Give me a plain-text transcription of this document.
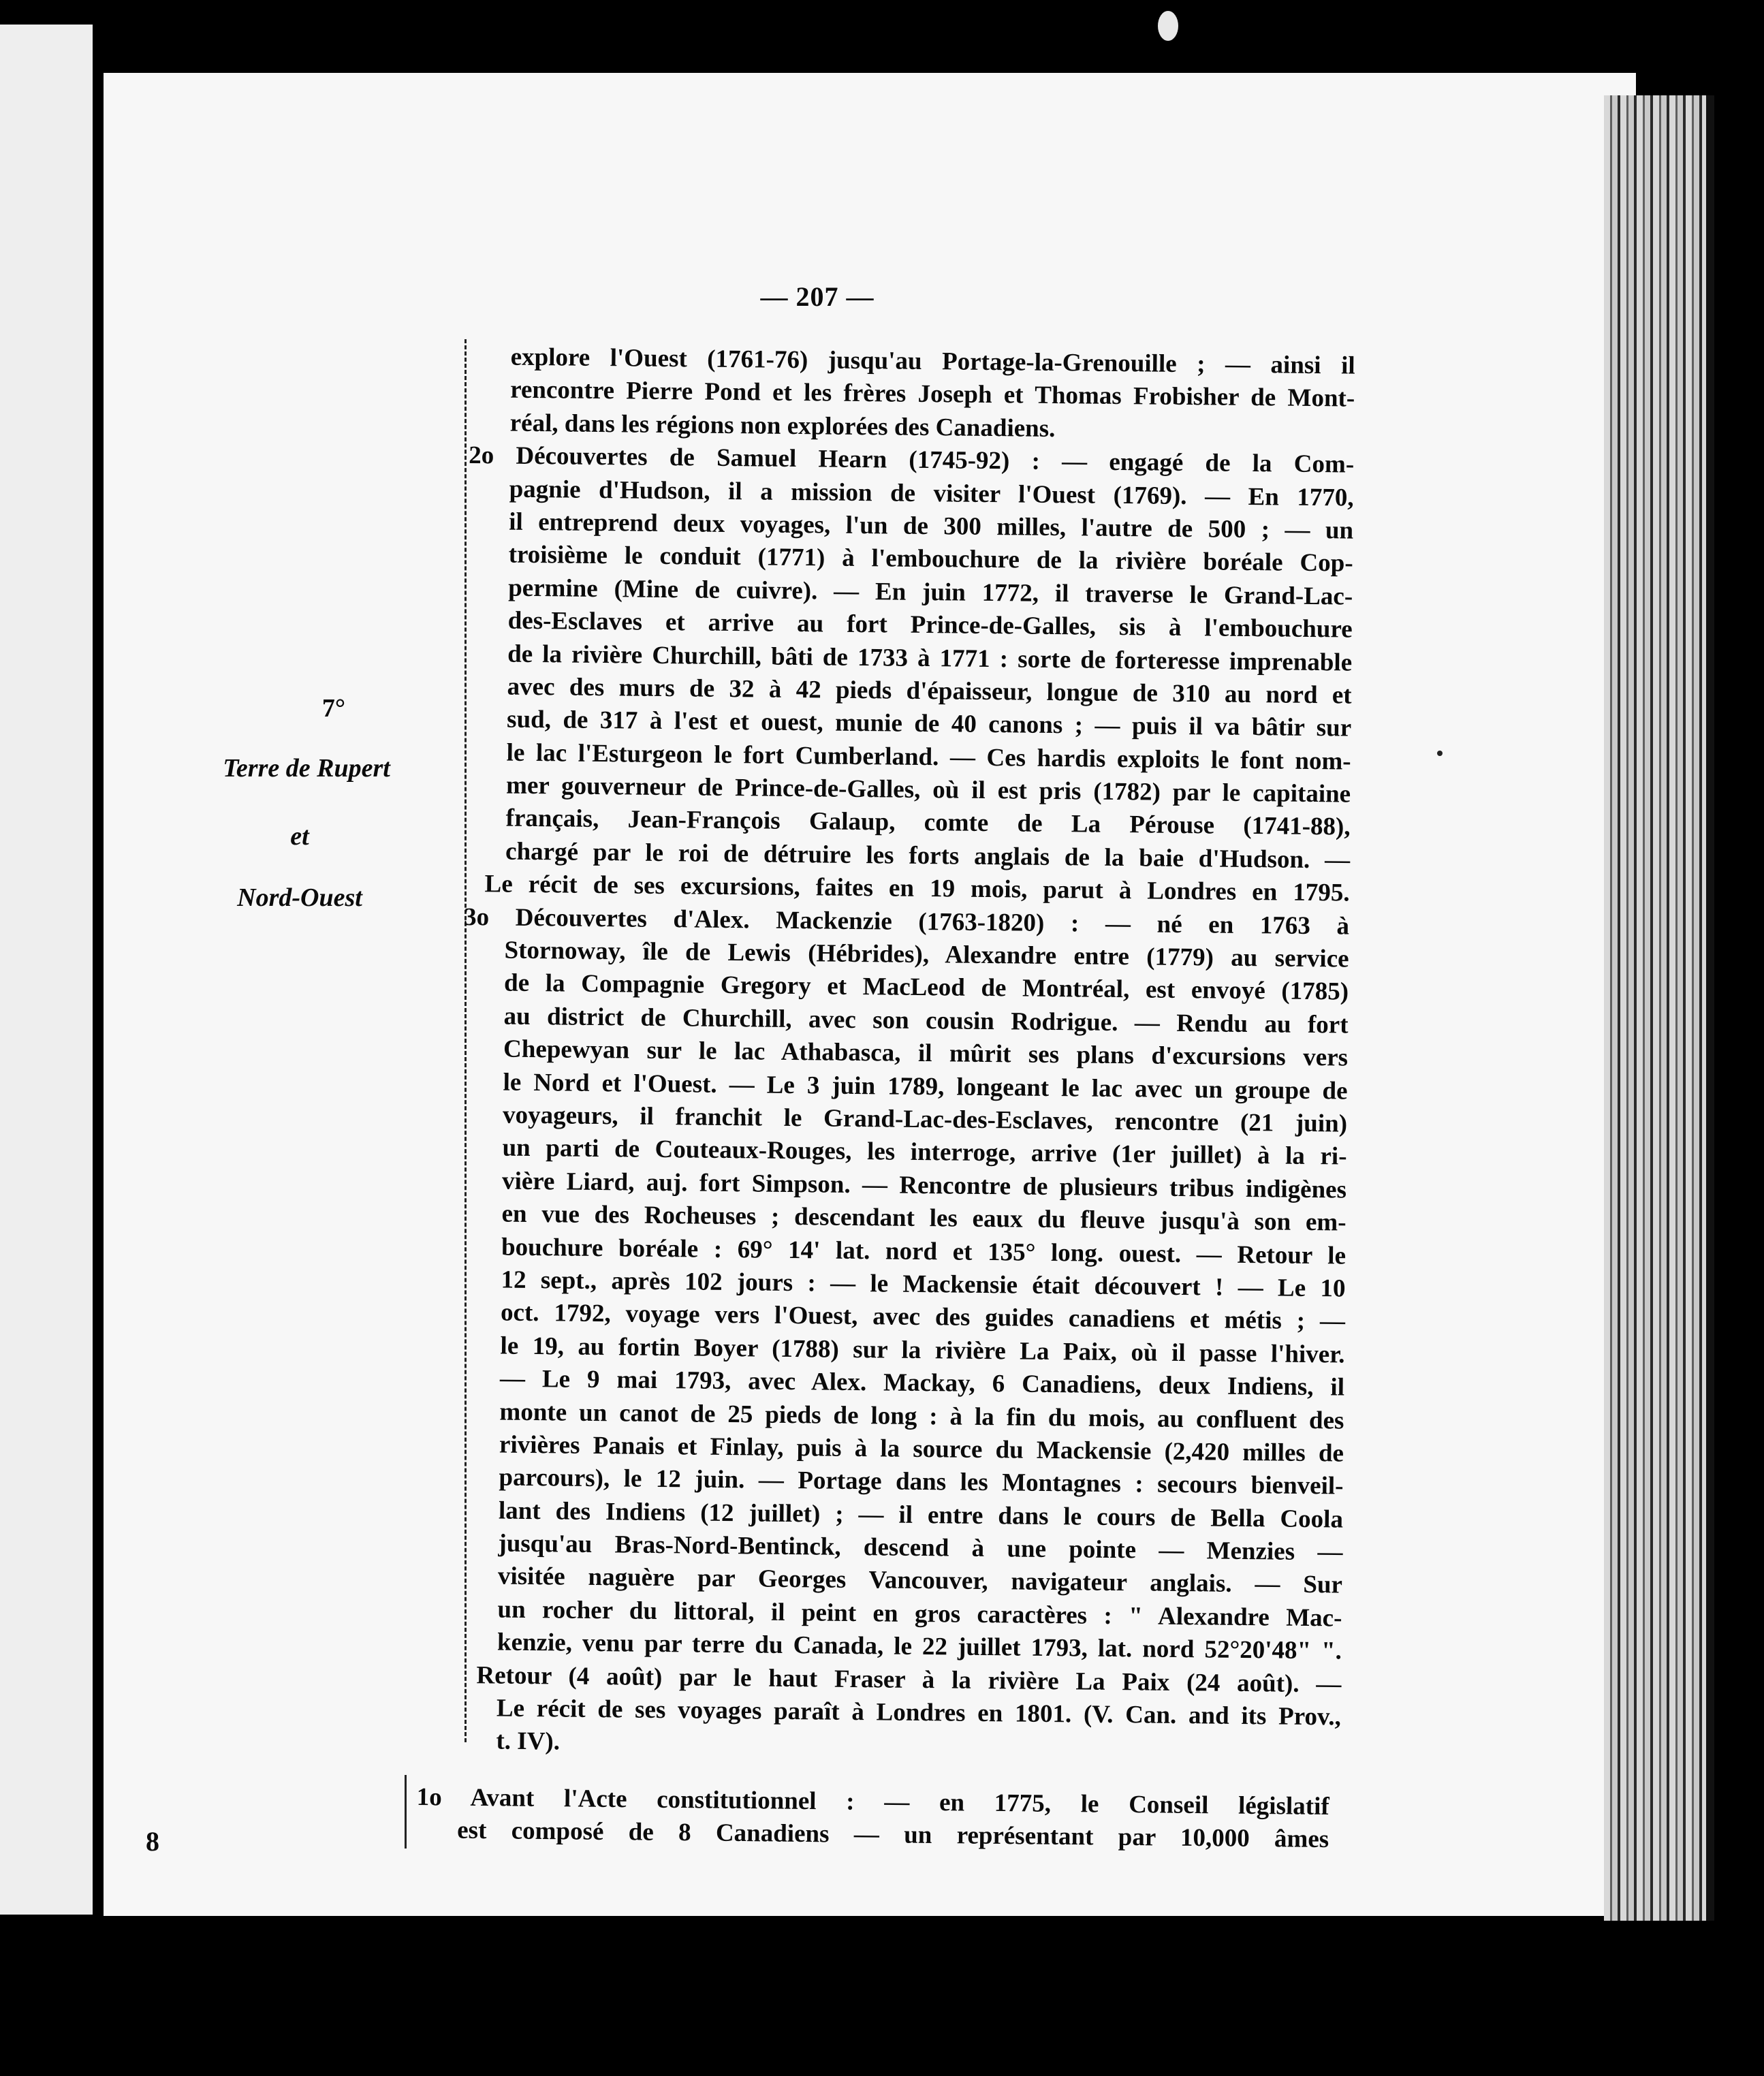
— 207 —
7°
Terre de Rupert
et
Nord-Ouest
explore l'Ouest (1761-76) jusqu'au Portage-la-Grenouille ; — ainsi il
rencontre Pierre Pond et les frères Joseph et Thomas Frobisher de Mont-
réal, dans les régions non explorées des Canadiens.
2o Découvertes de Samuel Hearn (1745-92) : — engagé de la Com-
pagnie d'Hudson, il a mission de visiter l'Ouest (1769). — En 1770,
il entreprend deux voyages, l'un de 300 milles, l'autre de 500 ; — un
troisième le conduit (1771) à l'embouchure de la rivière boréale Cop-
permine (Mine de cuivre). — En juin 1772, il traverse le Grand-Lac-
des-Esclaves et arrive au fort Prince-de-Galles, sis à l'embouchure
de la rivière Churchill, bâti de 1733 à 1771 : sorte de forteresse imprenable
avec des murs de 32 à 42 pieds d'épaisseur, longue de 310 au nord et
sud, de 317 à l'est et ouest, munie de 40 canons ; — puis il va bâtir sur
le lac l'Esturgeon le fort Cumberland. — Ces hardis exploits le font nom-
mer gouverneur de Prince-de-Galles, où il est pris (1782) par le capitaine
français, Jean-François Galaup, comte de La Pérouse (1741-88),
chargé par le roi de détruire les forts anglais de la baie d'Hudson. —
Le récit de ses excursions, faites en 19 mois, parut à Londres en 1795.
3o Découvertes d'Alex. Mackenzie (1763-1820) : — né en 1763 à
Stornoway, île de Lewis (Hébrides), Alexandre entre (1779) au service
de la Compagnie Gregory et MacLeod de Montréal, est envoyé (1785)
au district de Churchill, avec son cousin Rodrigue. — Rendu au fort
Chepewyan sur le lac Athabasca, il mûrit ses plans d'excursions vers
le Nord et l'Ouest. — Le 3 juin 1789, longeant le lac avec un groupe de
voyageurs, il franchit le Grand-Lac-des-Esclaves, rencontre (21 juin)
un parti de Couteaux-Rouges, les interroge, arrive (1er juillet) à la ri-
vière Liard, auj. fort Simpson. — Rencontre de plusieurs tribus indigènes
en vue des Rocheuses ; descendant les eaux du fleuve jusqu'à son em-
bouchure boréale : 69° 14' lat. nord et 135° long. ouest. — Retour le
12 sept., après 102 jours : — le Mackensie était découvert ! — Le 10
oct. 1792, voyage vers l'Ouest, avec des guides canadiens et métis ; —
le 19, au fortin Boyer (1788) sur la rivière La Paix, où il passe l'hiver.
— Le 9 mai 1793, avec Alex. Mackay, 6 Canadiens, deux Indiens, il
monte un canot de 25 pieds de long : à la fin du mois, au confluent des
rivières Panais et Finlay, puis à la source du Mackensie (2,420 milles de
parcours), le 12 juin. — Portage dans les Montagnes : secours bienveil-
lant des Indiens (12 juillet) ; — il entre dans le cours de Bella Coola
jusqu'au Bras-Nord-Bentinck, descend à une pointe — Menzies —
visitée naguère par Georges Vancouver, navigateur anglais. — Sur
un rocher du littoral, il peint en gros caractères : " Alexandre Mac-
kenzie, venu par terre du Canada, le 22 juillet 1793, lat. nord 52°20'48" ".
Retour (4 août) par le haut Fraser à la rivière La Paix (24 août). —
Le récit de ses voyages paraît à Londres en 1801. (V. Can. and its Prov.,
t. IV).
1o Avant l'Acte constitutionnel : — en 1775, le Conseil législatif
est composé de 8 Canadiens — un représentant par 10,000 âmes
8
